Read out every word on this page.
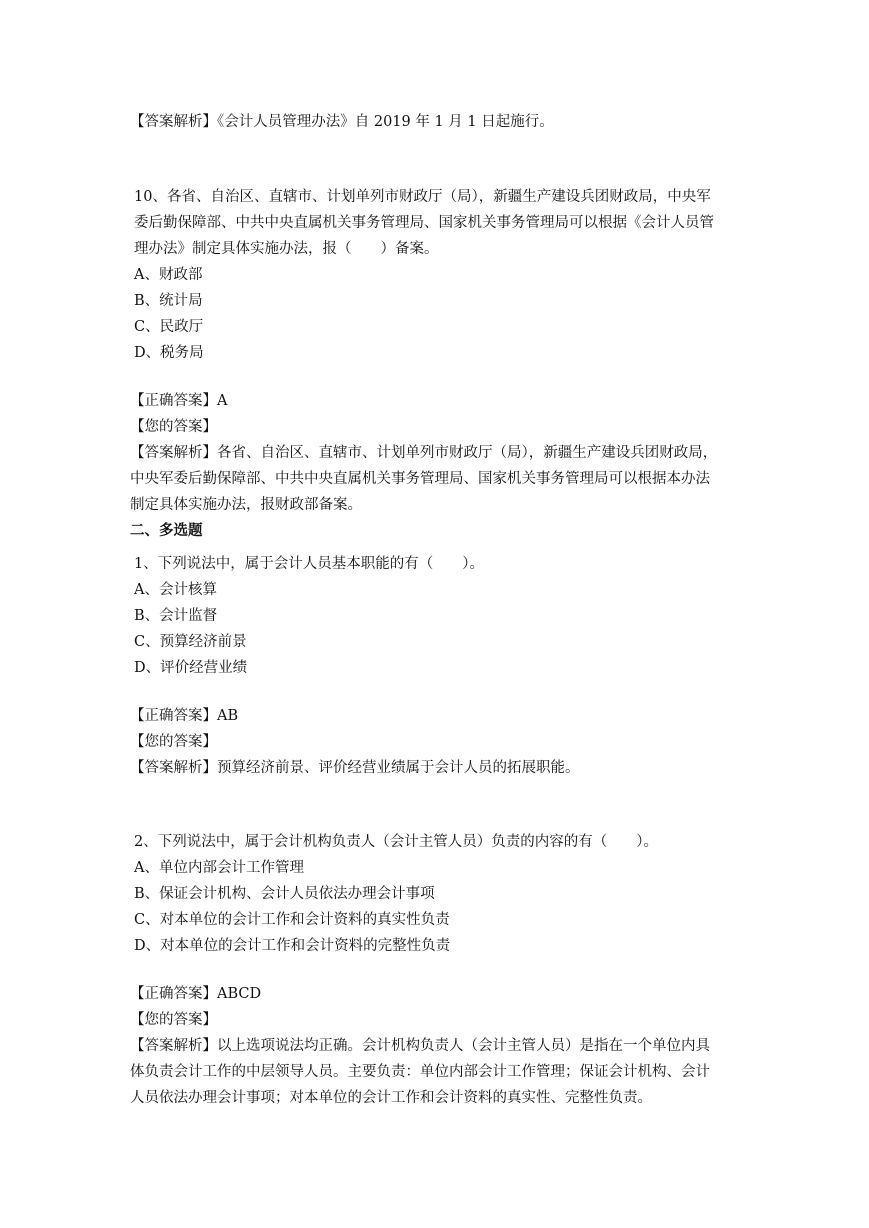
【答案解析】《会计人员管理办法》自 2019 年 1 月 1 日起施行。
10、各省、自治区、直辖市、计划单列市财政厅（局），新疆生产建设兵团财政局，中央军
委后勤保障部、中共中央直属机关事务管理局、国家机关事务管理局可以根据《会计人员管
理办法》制定具体实施办法，报（　　）备案。
A、财政部
B、统计局
C、民政厅
D、税务局
【正确答案】A
【您的答案】
【答案解析】各省、自治区、直辖市、计划单列市财政厅（局），新疆生产建设兵团财政局，
中央军委后勤保障部、中共中央直属机关事务管理局、国家机关事务管理局可以根据本办法
制定具体实施办法，报财政部备案。
二、多选题
1、下列说法中，属于会计人员基本职能的有（　　）。
A、会计核算
B、会计监督
C、预算经济前景
D、评价经营业绩
【正确答案】AB
【您的答案】
【答案解析】预算经济前景、评价经营业绩属于会计人员的拓展职能。
2、下列说法中，属于会计机构负责人（会计主管人员）负责的内容的有（　　）。
A、单位内部会计工作管理
B、保证会计机构、会计人员依法办理会计事项
C、对本单位的会计工作和会计资料的真实性负责
D、对本单位的会计工作和会计资料的完整性负责
【正确答案】ABCD
【您的答案】
【答案解析】以上选项说法均正确。会计机构负责人（会计主管人员）是指在一个单位内具
体负责会计工作的中层领导人员。主要负责：单位内部会计工作管理；保证会计机构、会计
人员依法办理会计事项；对本单位的会计工作和会计资料的真实性、完整性负责。
